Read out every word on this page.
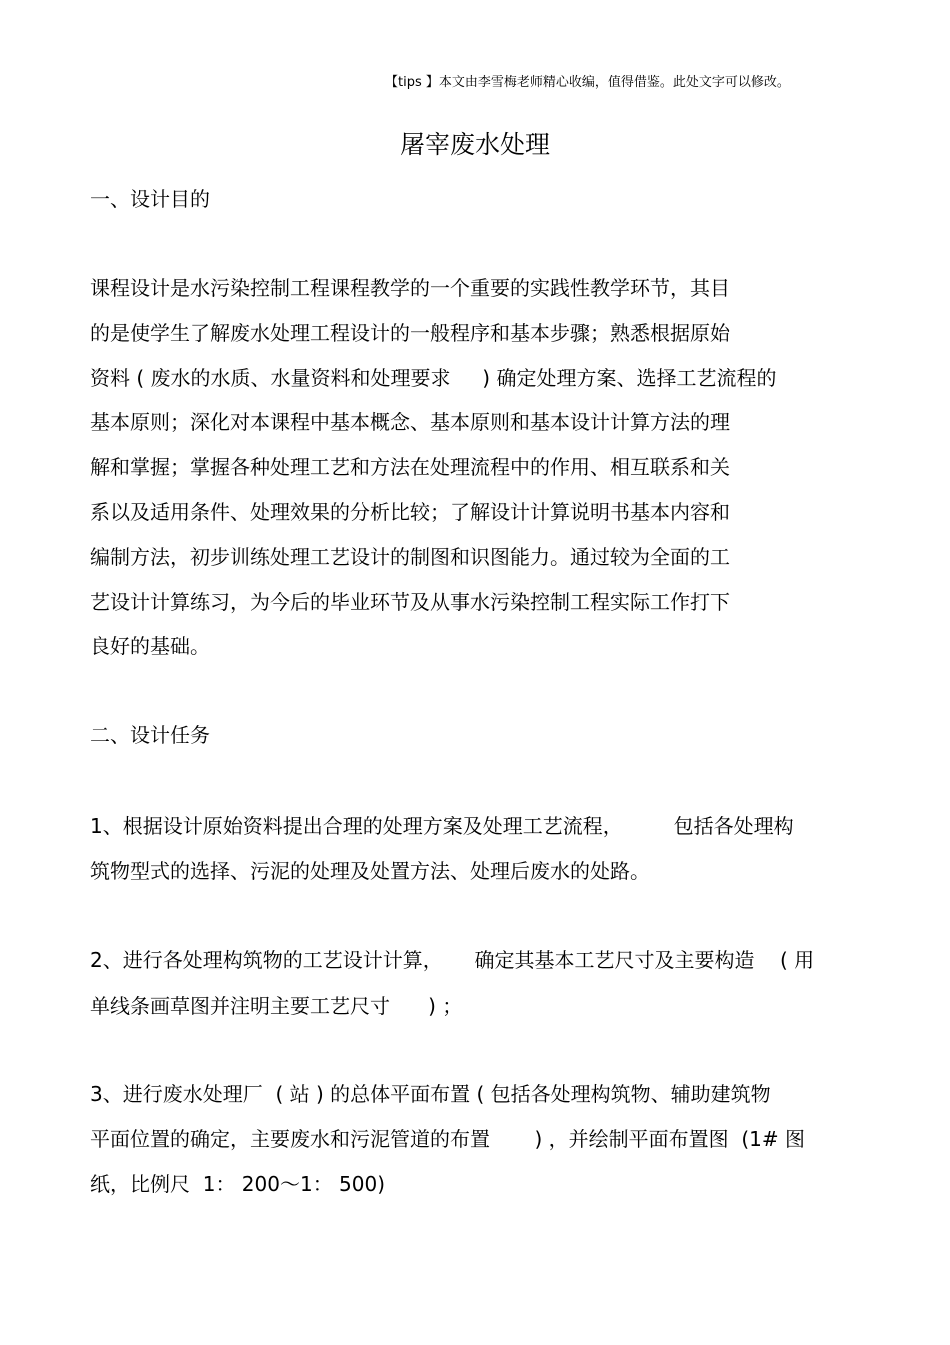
【tips 】本文由李雪梅老师精心收编，值得借鉴。此处文字可以修改。
屠宰废水处理
一、设计目的
课程设计是水污染控制工程课程教学的一个重要的实践性教学环节，其目
的是使学生了解废水处理工程设计的一般程序和基本步骤；熟悉根据原始
资料 ( 废水的水质、水量资料和处理要求     ) 确定处理方案、选择工艺流程的
基本原则；深化对本课程中基本概念、基本原则和基本设计计算方法的理
解和掌握；掌握各种处理工艺和方法在处理流程中的作用、相互联系和关
系以及适用条件、处理效果的分析比较；了解设计计算说明书基本内容和
编制方法，初步训练处理工艺设计的制图和识图能力。通过较为全面的工
艺设计计算练习，为今后的毕业环节及从事水污染控制工程实际工作打下
良好的基础。
二、设计任务
1、根据设计原始资料提出合理的处理方案及处理工艺流程，        包括各处理构
筑物型式的选择、污泥的处理及处置方法、处理后废水的处路。
2、进行各处理构筑物的工艺设计计算，     确定其基本工艺尺寸及主要构造    ( 用
单线条画草图并注明主要工艺尺寸      ) ；
3、进行废水处理厂  ( 站 ) 的总体平面布置 ( 包括各处理构筑物、辅助建筑物
平面位置的确定，主要废水和污泥管道的布置       ) ，并绘制平面布置图  (1# 图
纸，比例尺  1： 200～1： 500)
